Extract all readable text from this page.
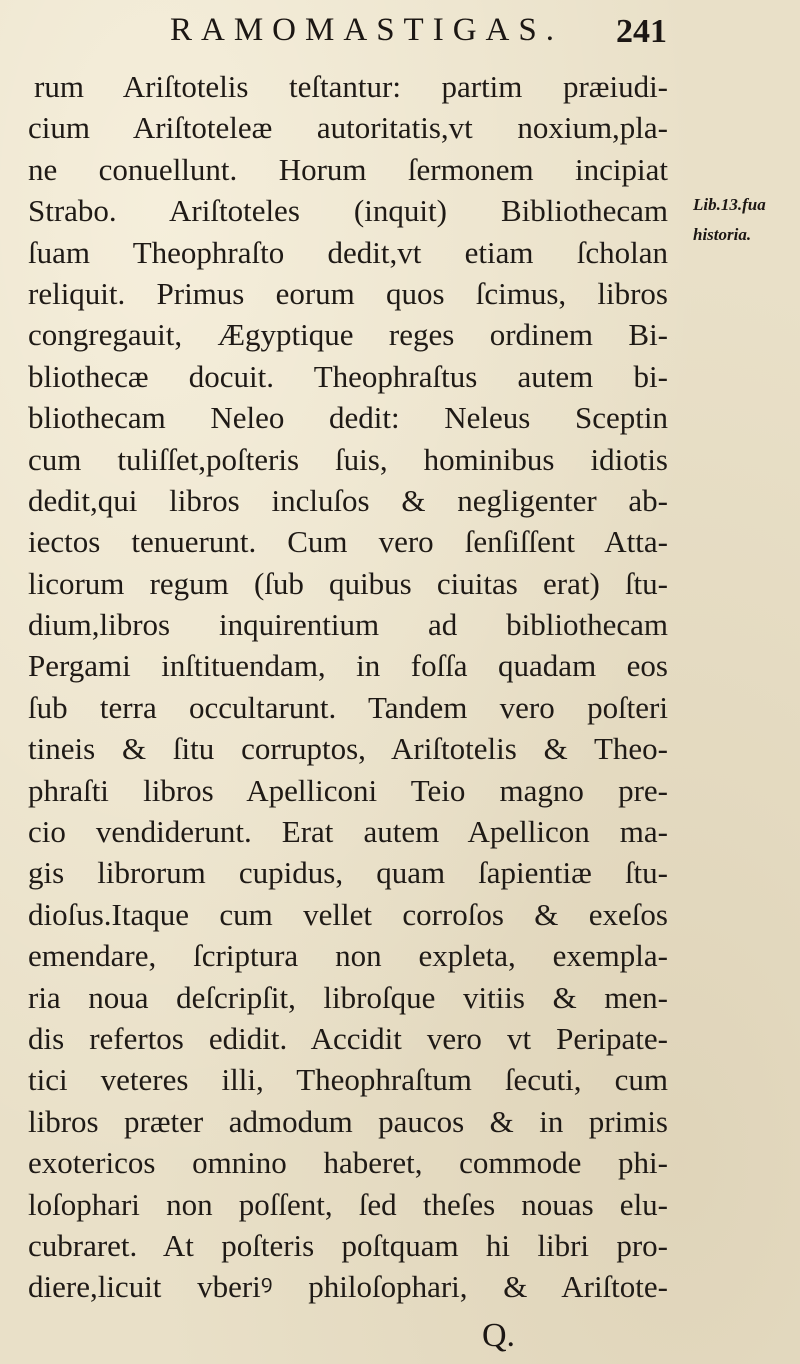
RAMOMASTIGAS.	241
Lib.13.fua
historia.
rum Ariſtotelis teſtantur: partim præiudi-
cium Ariſtoteleæ autoritatis,vt noxium,pla-
ne conuellunt. Horum ſermonem incipiat
Strabo. Ariſtoteles (inquit) Bibliothecam
ſuam Theophraſto dedit,vt etiam ſcholan
reliquit. Primus eorum quos ſcimus, libros
congregauit, Ægyptique reges ordinem Bi-
bliothecæ docuit. Theophraſtus autem bi-
bliothecam Neleo dedit: Neleus Sceptin
cum tuliſſet,poſteris ſuis, hominibus idiotis
dedit,qui libros incluſos & negligenter ab-
iectos tenuerunt. Cum vero ſenſiſſent Atta-
licorum regum (ſub quibus ciuitas erat) ſtu-
dium,libros inquirentium ad bibliothecam
Pergami inſtituendam, in foſſa quadam eos
ſub terra occultarunt. Tandem vero poſteri
tineis & ſitu corruptos, Ariſtotelis & Theo-
phraſti libros Apelliconi Teio magno pre-
cio vendiderunt. Erat autem Apellicon ma-
gis librorum cupidus, quam ſapientiæ ſtu-
dioſus.Itaque cum vellet corroſos & exeſos
emendare, ſcriptura non expleta, exempla-
ria noua deſcripſit, libroſque vitiis & men-
dis refertos edidit. Accidit vero vt Peripate-
tici veteres illi, Theophraſtum ſecuti, cum
libros præter admodum paucos & in primis
exotericos omnino haberet, commode phi-
loſophari non poſſent, ſed theſes nouas elu-
cubraret. At poſteris poſtquam hi libri pro-
diere,licuit vberiꝰ philoſophari, & Ariſtote-
Q.
